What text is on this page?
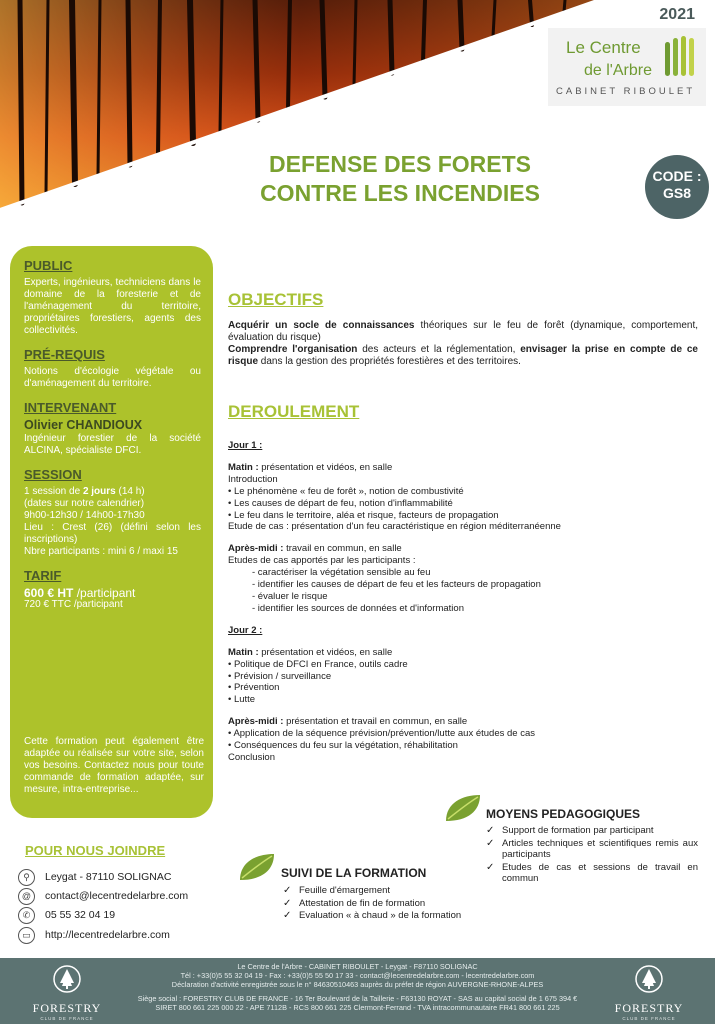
2021
Le Centre
de l'Arbre
CABINET RIBOULET
DEFENSE DES FORETS
CONTRE LES INCENDIES
CODE :
GS8
PUBLIC
Experts, ingénieurs, techniciens dans le domaine de la foresterie et de l'aménagement du territoire, propriétaires forestiers, agents des collectivités.
PRÉ-REQUIS
Notions d'écologie végétale ou d'aménagement du territoire.
INTERVENANT
Olivier CHANDIOUX
Ingénieur forestier de la société ALCINA, spécialiste DFCI.
SESSION
1 session de 2 jours (14 h)
(dates sur notre calendrier)
9h00-12h30 / 14h00-17h30
Lieu : Crest (26) (défini selon les inscriptions)
Nbre participants : mini 6 / maxi 15
TARIF
600 € HT /participant
720 € TTC /participant
Cette formation peut également être adaptée ou réalisée sur votre site, selon vos besoins. Contactez nous pour toute commande de formation adaptée, sur mesure, intra-entreprise...
POUR NOUS JOINDRE
⚲	Leygat - 87110 SOLIGNAC
@	contact@lecentredelarbre.com
✆	05 55 32 04 19
▭	http://lecentredelarbre.com
OBJECTIFS
Acquérir un socle de connaissances théoriques sur le feu de forêt (dynamique, comportement, évaluation du risque)
Comprendre l'organisation des acteurs et la réglementation, envisager la prise en compte de ce risque dans la gestion des propriétés forestières et des territoires.
DEROULEMENT
Jour 1 :
Matin : présentation et vidéos, en salle
Introduction
• Le phénomène « feu de forêt », notion de combustivité
• Les causes de départ de feu, notion d'inflammabilité
• Le feu dans le territoire, aléa et risque, facteurs de propagation
Etude de cas : présentation d'un feu caractéristique en région méditerranéenne
Après-midi : travail en commun, en salle
Etudes de cas apportés par les participants :
- caractériser la végétation sensible au feu
- identifier les causes de départ de feu et les facteurs de propagation
- évaluer le risque
- identifier les sources de données et d'information
Jour 2 :
Matin : présentation et vidéos, en salle
• Politique de DFCI en France, outils cadre
• Prévision / surveillance
• Prévention
• Lutte
Après-midi : présentation et travail en commun, en salle
• Application de la séquence prévision/prévention/lutte aux études de cas
• Conséquences du feu sur la végétation, réhabilitation
Conclusion
MOYENS PEDAGOGIQUES
✓ Support de formation par participant
✓ Articles techniques et scientifiques remis aux participants
✓ Etudes de cas et sessions de travail en commun
SUIVI DE LA FORMATION
✓ Feuille d'émargement
✓ Attestation de fin de formation
✓ Evaluation « à chaud » de la formation
FORESTRY
CLUB DE FRANCE
Le Centre de l'Arbre - CABINET RIBOULET - Leygat - F87110 SOLIGNAC
Tél : +33(0)5 55 32 04 19 - Fax : +33(0)5 55 50 17 33 - contact@lecentredelarbre.com - lecentredelarbre.com
Déclaration d'activité enregistrée sous le n° 84630510463 auprès du préfet de région AUVERGNE-RHONE-ALPES
Siège social : FORESTRY CLUB DE FRANCE - 16 Ter Boulevard de la Taillerie - F63130 ROYAT - SAS au capital social de 1 675 394 €
SIRET 800 661 225 000 22 - APE 7112B - RCS 800 661 225 Clermont-Ferrand - TVA intracommunautaire FR41 800 661 225	FORESTRY
CLUB DE FRANCE
